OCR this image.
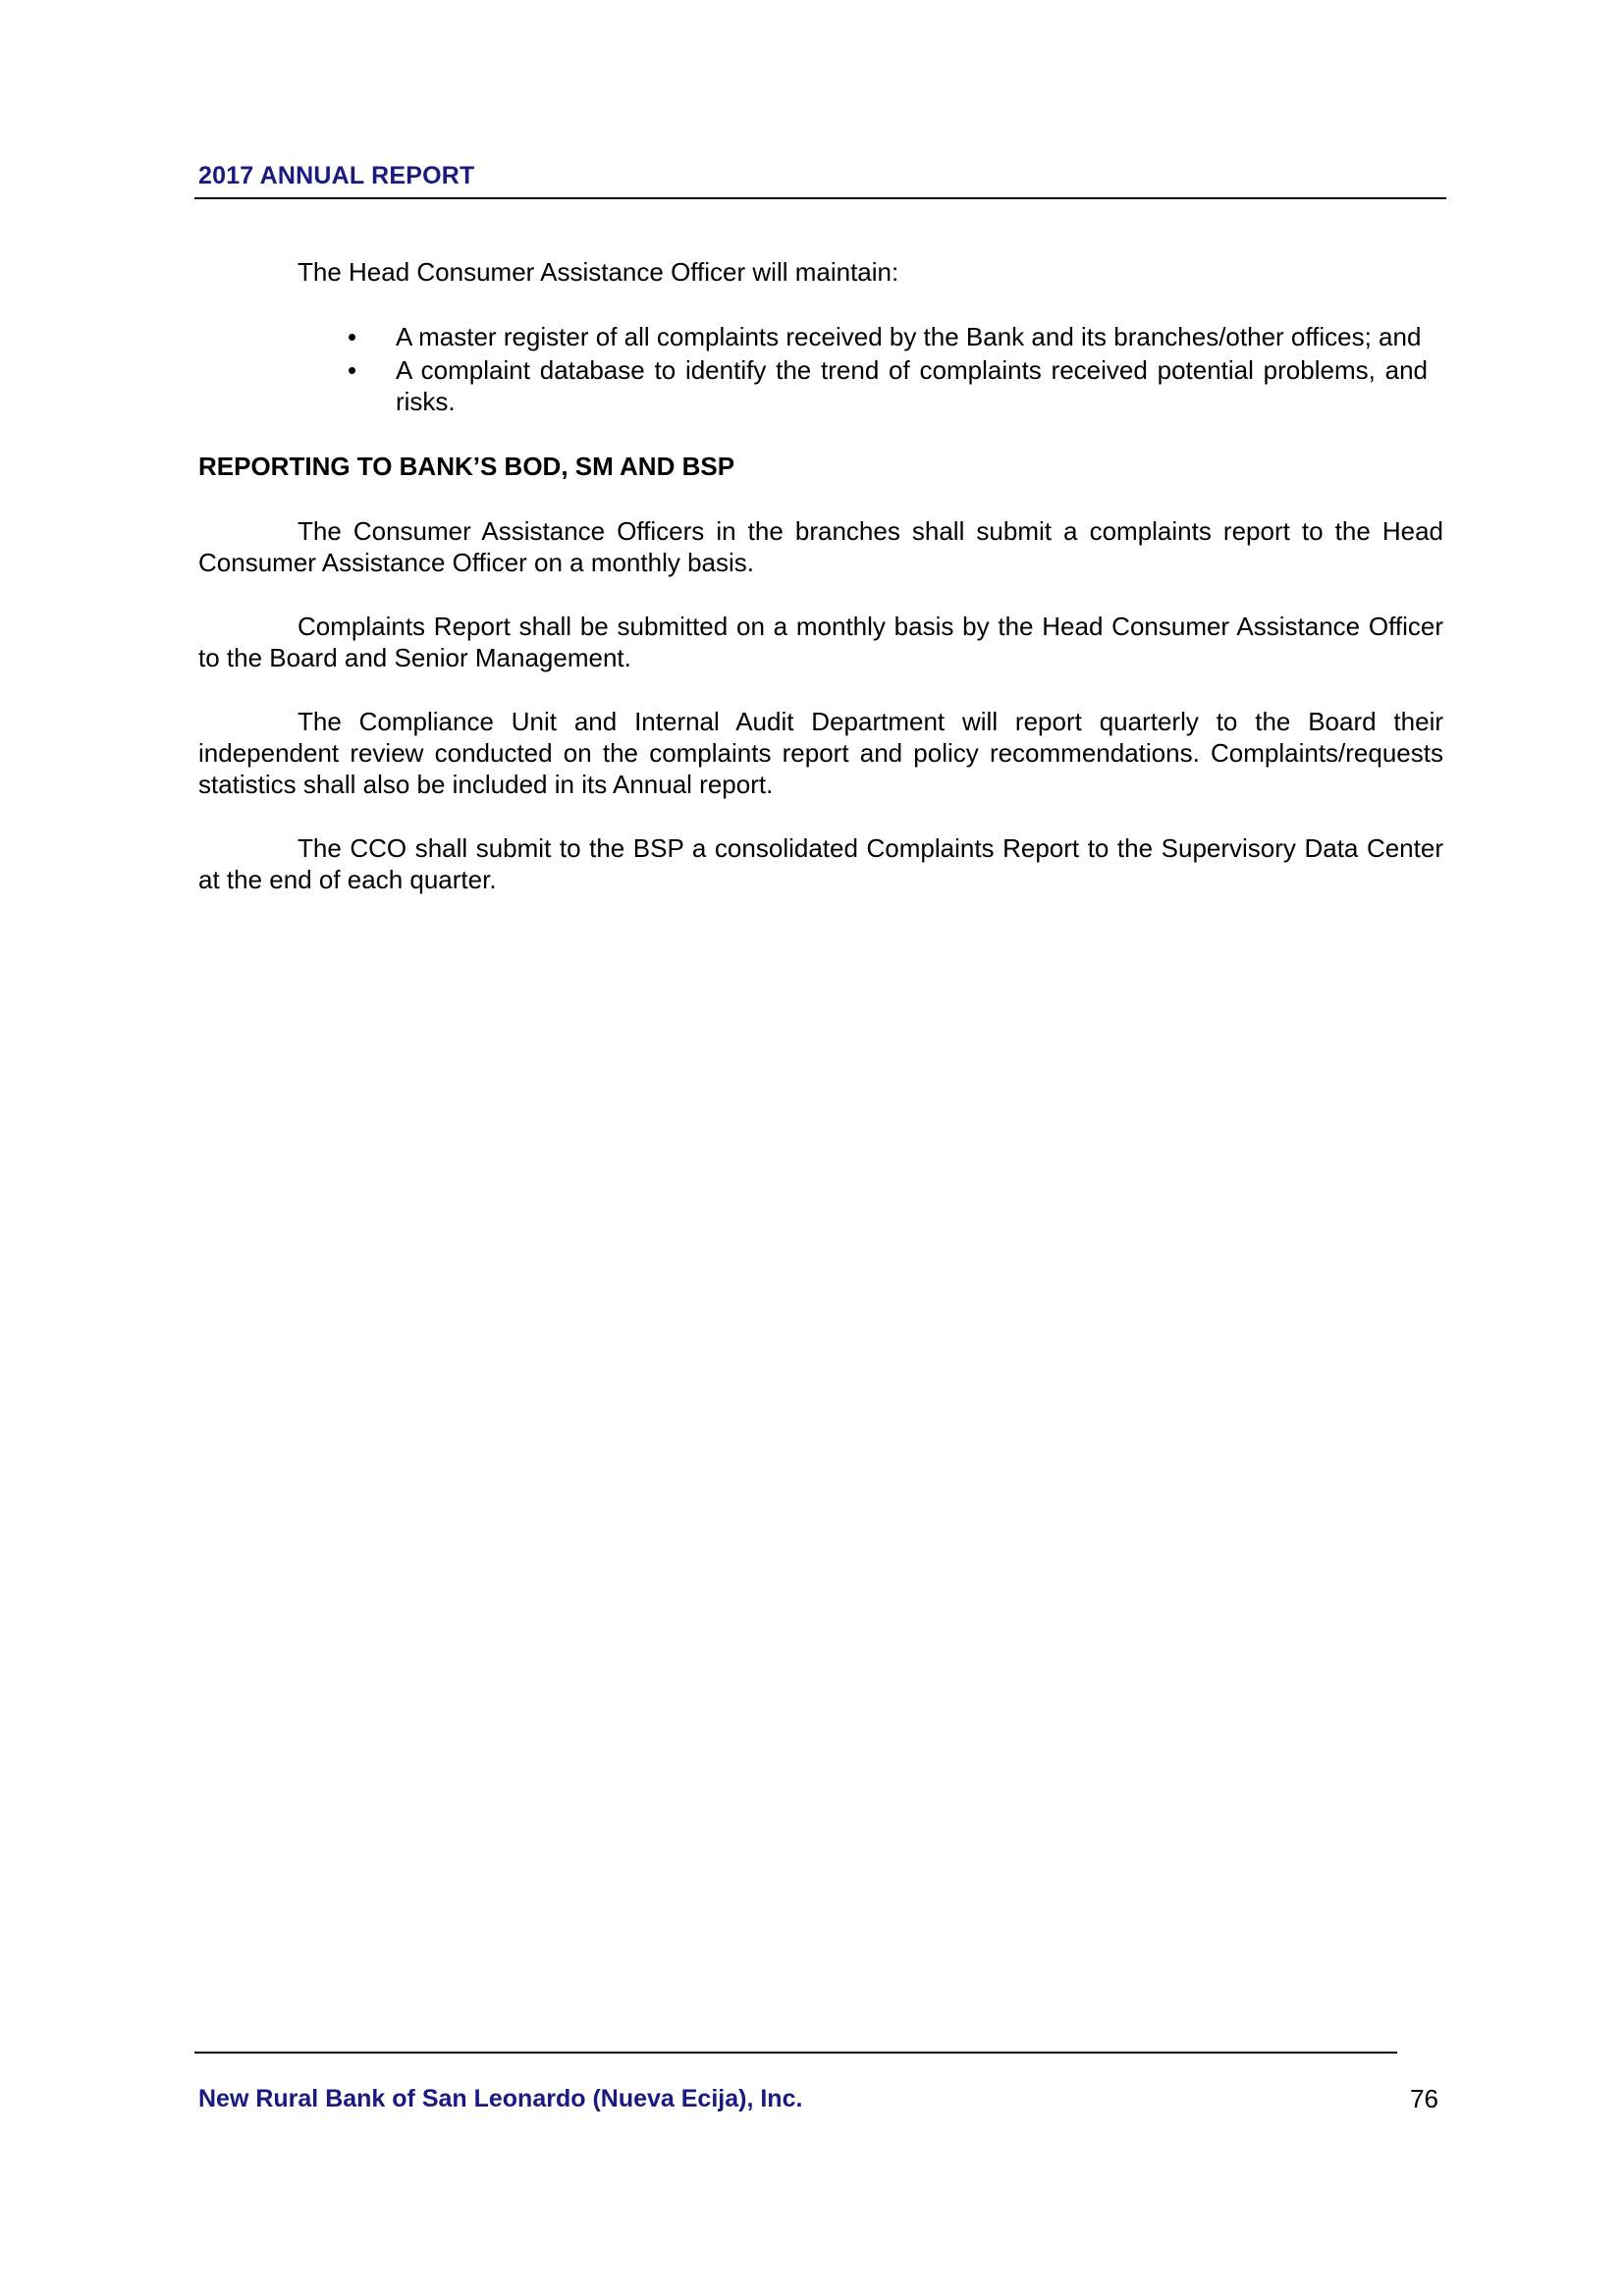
2017 ANNUAL REPORT

The Head Consumer Assistance Officer will maintain:

• A master register of all complaints received by the Bank and its branches/other offices; and
• A complaint database to identify the trend of complaints received potential problems, and risks.
REPORTING TO BANK’S BOD, SM AND BSP

The Consumer Assistance Officers in the branches shall submit a complaints report to the Head Consumer Assistance Officer on a monthly basis.

Complaints Report shall be submitted on a monthly basis by the Head Consumer Assistance Officer to the Board and Senior Management.

The Compliance Unit and Internal Audit Department will report quarterly to the Board their independent review conducted on the complaints report and policy recommendations. Complaints/requests statistics shall also be included in its Annual report.

The CCO shall submit to the BSP a consolidated Complaints Report to the Supervisory Data Center at the end of each quarter.

New Rural Bank of San Leonardo (Nueva Ecija), Inc.	76
